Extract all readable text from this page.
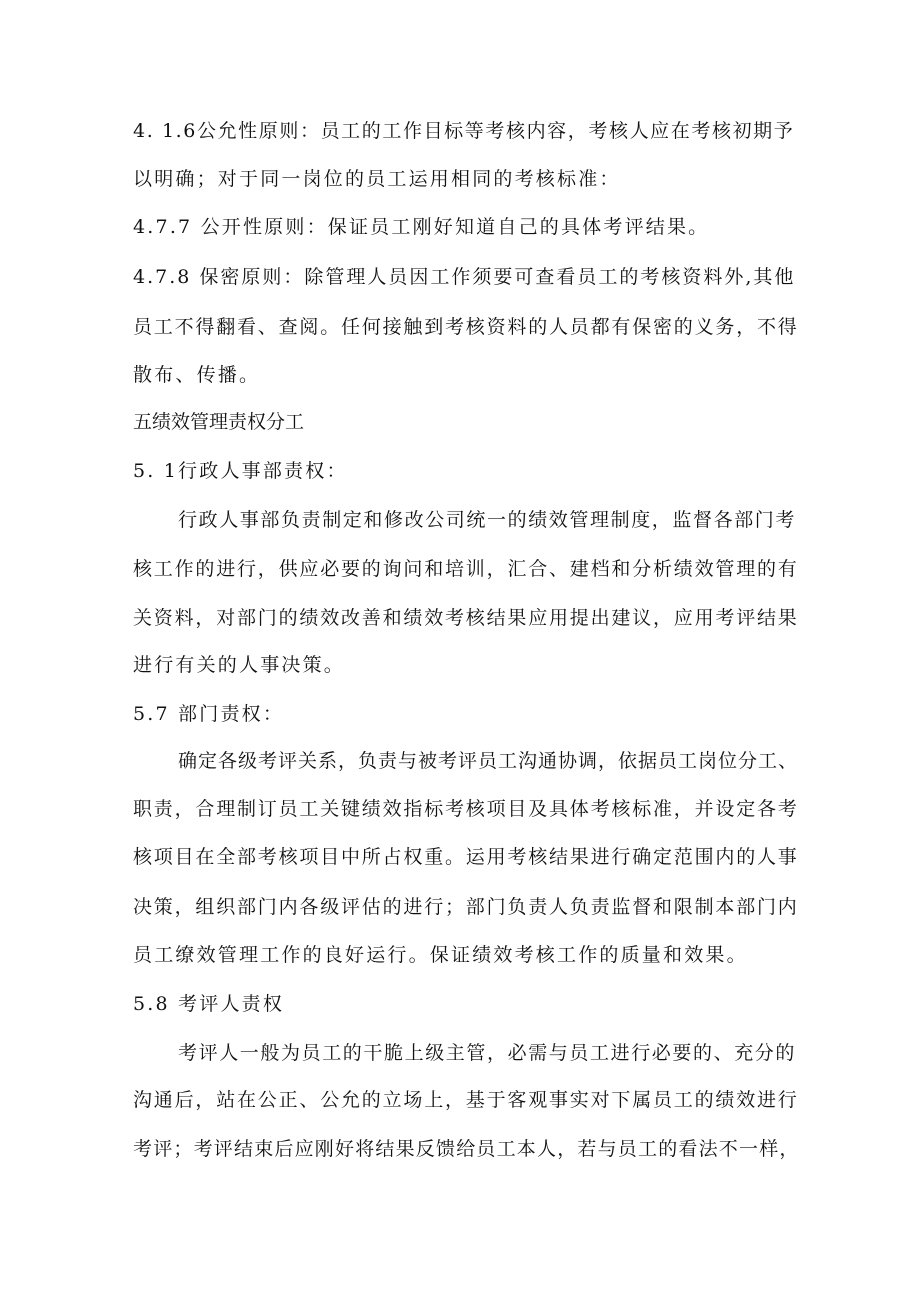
4. 1.6公允性原则：员工的工作目标等考核内容，考核人应在考核初期予
以明确；对于同一岗位的员工运用相同的考核标准：
4.7.7 公开性原则：保证员工刚好知道自己的具体考评结果。
4.7.8 保密原则：除管理人员因工作须要可查看员工的考核资料外,其他
员工不得翻看、查阅。任何接触到考核资料的人员都有保密的义务，不得
散布、传播。
五绩效管理责权分工
5. 1行政人事部责权：
行政人事部负责制定和修改公司统一的绩效管理制度，监督各部门考
核工作的进行，供应必要的询问和培训，汇合、建档和分析绩效管理的有
关资料，对部门的绩效改善和绩效考核结果应用提出建议，应用考评结果
进行有关的人事决策。
5.7 部门责权：
确定各级考评关系，负责与被考评员工沟通协调，依据员工岗位分工、
职责，合理制订员工关键绩效指标考核项目及具体考核标准，并设定各考
核项目在全部考核项目中所占权重。运用考核结果进行确定范围内的人事
决策，组织部门内各级评估的进行；部门负责人负责监督和限制本部门内
员工缭效管理工作的良好运行。保证绩效考核工作的质量和效果。
5.8 考评人责权
考评人一般为员工的干脆上级主管，必需与员工进行必要的、充分的
沟通后，站在公正、公允的立场上，基于客观事实对下属员工的绩效进行
考评；考评结束后应刚好将结果反馈给员工本人，若与员工的看法不一样，
